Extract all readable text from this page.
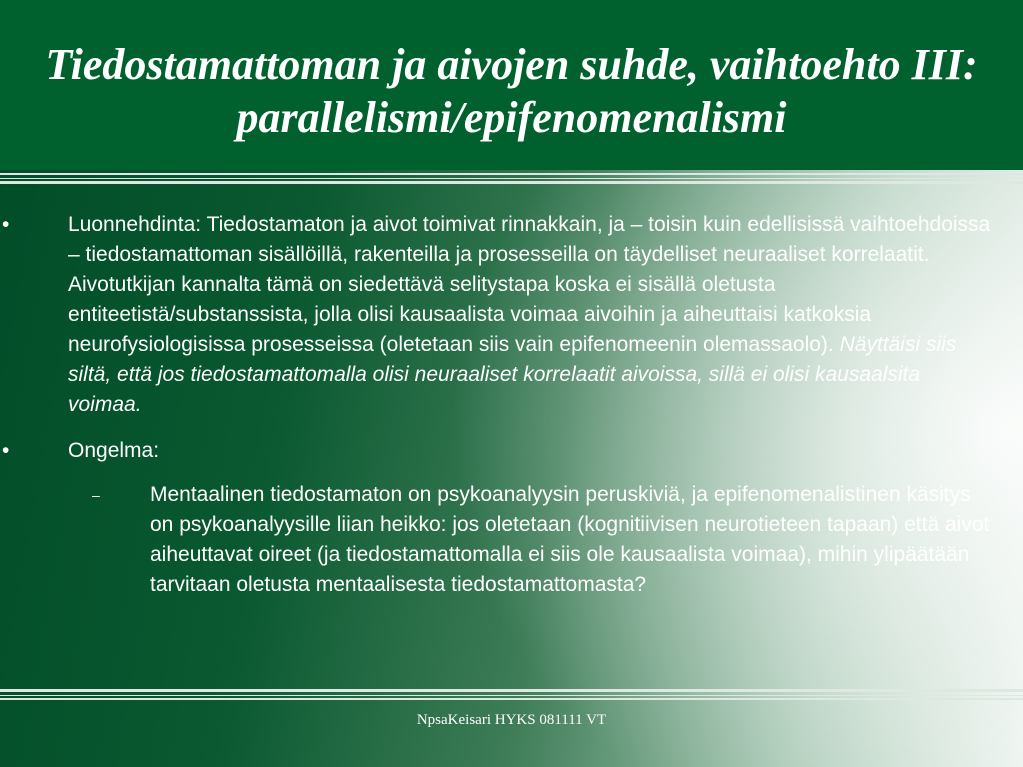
Tiedostamattoman ja aivojen suhde, vaihtoehto III: parallelismi/epifenomenalismi
•	Luonnehdinta: Tiedostamaton ja aivot toimivat rinnakkain, ja – toisin kuin edellisissä vaihtoehdoissa – tiedostamattoman sisällöillä, rakenteilla ja prosesseilla on täydelliset neuraaliset korrelaatit. Aivotutkijan kannalta tämä on siedettävä selitystapa koska ei sisällä oletusta entiteetistä/substanssista, jolla olisi kausaalista voimaa aivoihin ja aiheuttaisi katkoksia neurofysiologisissa prosesseissa (oletetaan siis vain epifenomeenin olemassaolo). Näyttäisi siis siltä, että jos tiedostamattomalla olisi neuraaliset korrelaatit aivoissa, sillä ei olisi kausaalsita voimaa.
•	Ongelma:
– Mentaalinen tiedostamaton on psykoanalyysin peruskiviä, ja epifenomenalistinen käsitys on psykoanalyysille liian heikko: jos oletetaan (kognitiivisen neurotieteen tapaan) että aivot aiheuttavat oireet (ja tiedostamattomalla ei siis ole kausaalista voimaa), mihin ylipäätään tarvitaan oletusta mentaalisesta tiedostamattomasta?
NpsaKeisari HYKS 081111 VT
